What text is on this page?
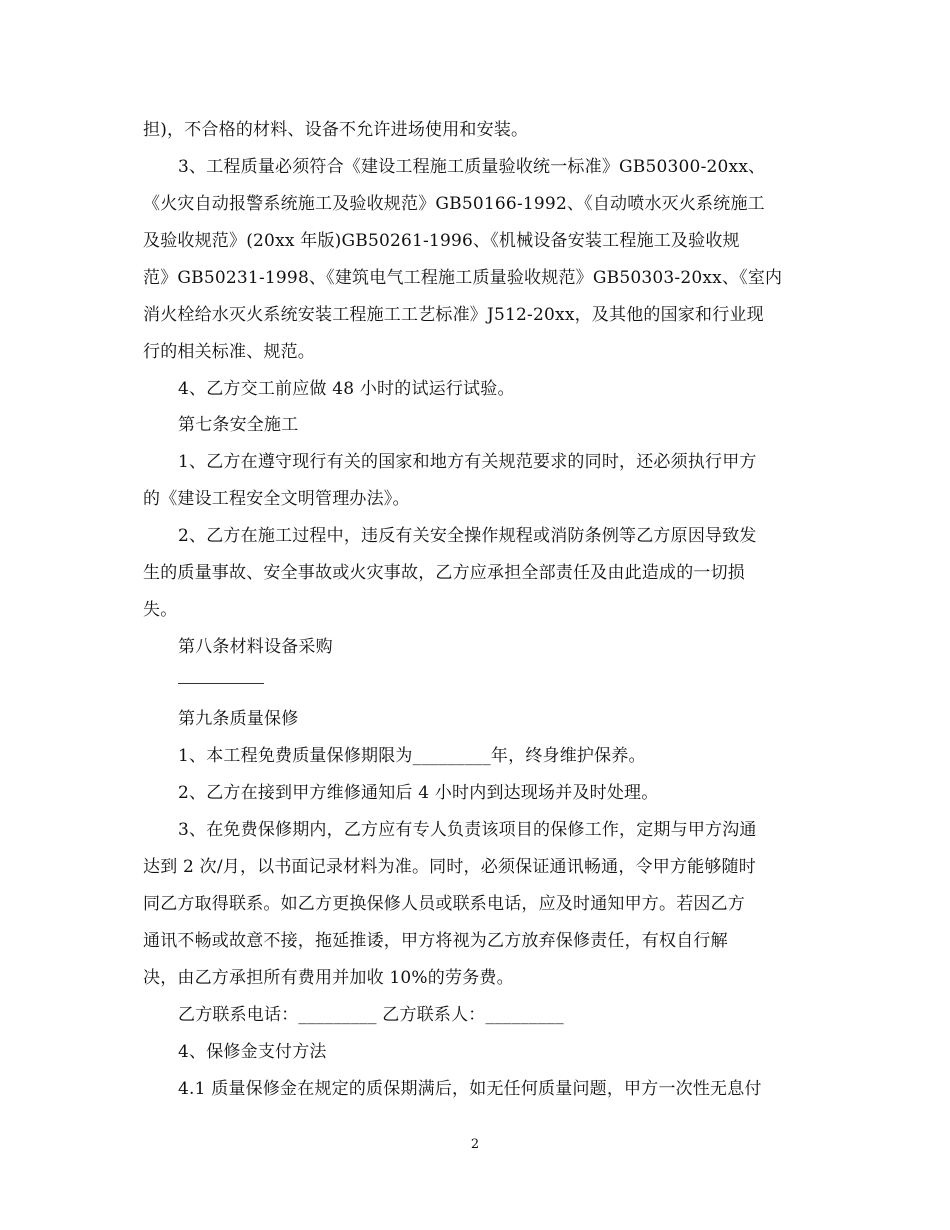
担)，不合格的材料、设备不允许进场使用和安装。
3、工程质量必须符合《建设工程施工质量验收统一标准》GB50300-20xx、
《火灾自动报警系统施工及验收规范》GB50166-1992、《自动喷水灭火系统施工
及验收规范》(20xx 年版)GB50261-1996、《机械设备安装工程施工及验收规
范》GB50231-1998、《建筑电气工程施工质量验收规范》GB50303-20xx、《室内
消火栓给水灭火系统安装工程施工工艺标准》J512-20xx，及其他的国家和行业现
行的相关标准、规范。
4、乙方交工前应做 48 小时的试运行试验。
第七条安全施工
1、乙方在遵守现行有关的国家和地方有关规范要求的同时，还必须执行甲方
的《建设工程安全文明管理办法》。
2、乙方在施工过程中，违反有关安全操作规程或消防条例等乙方原因导致发
生的质量事故、安全事故或火灾事故，乙方应承担全部责任及由此造成的一切损
失。
第八条材料设备采购
第九条质量保修
1、本工程免费质量保修期限为_________年，终身维护保养。
2、乙方在接到甲方维修通知后 4 小时内到达现场并及时处理。
3、在免费保修期内，乙方应有专人负责该项目的保修工作，定期与甲方沟通
达到 2 次/月，以书面记录材料为准。同时，必须保证通讯畅通，令甲方能够随时
同乙方取得联系。如乙方更换保修人员或联系电话，应及时通知甲方。若因乙方
通讯不畅或故意不接，拖延推诿，甲方将视为乙方放弃保修责任，有权自行解
决，由乙方承担所有费用并加收 10%的劳务费。
乙方联系电话：_________ 乙方联系人：_________
4、保修金支付方法
4.1 质量保修金在规定的质保期满后，如无任何质量问题，甲方一次性无息付
2
